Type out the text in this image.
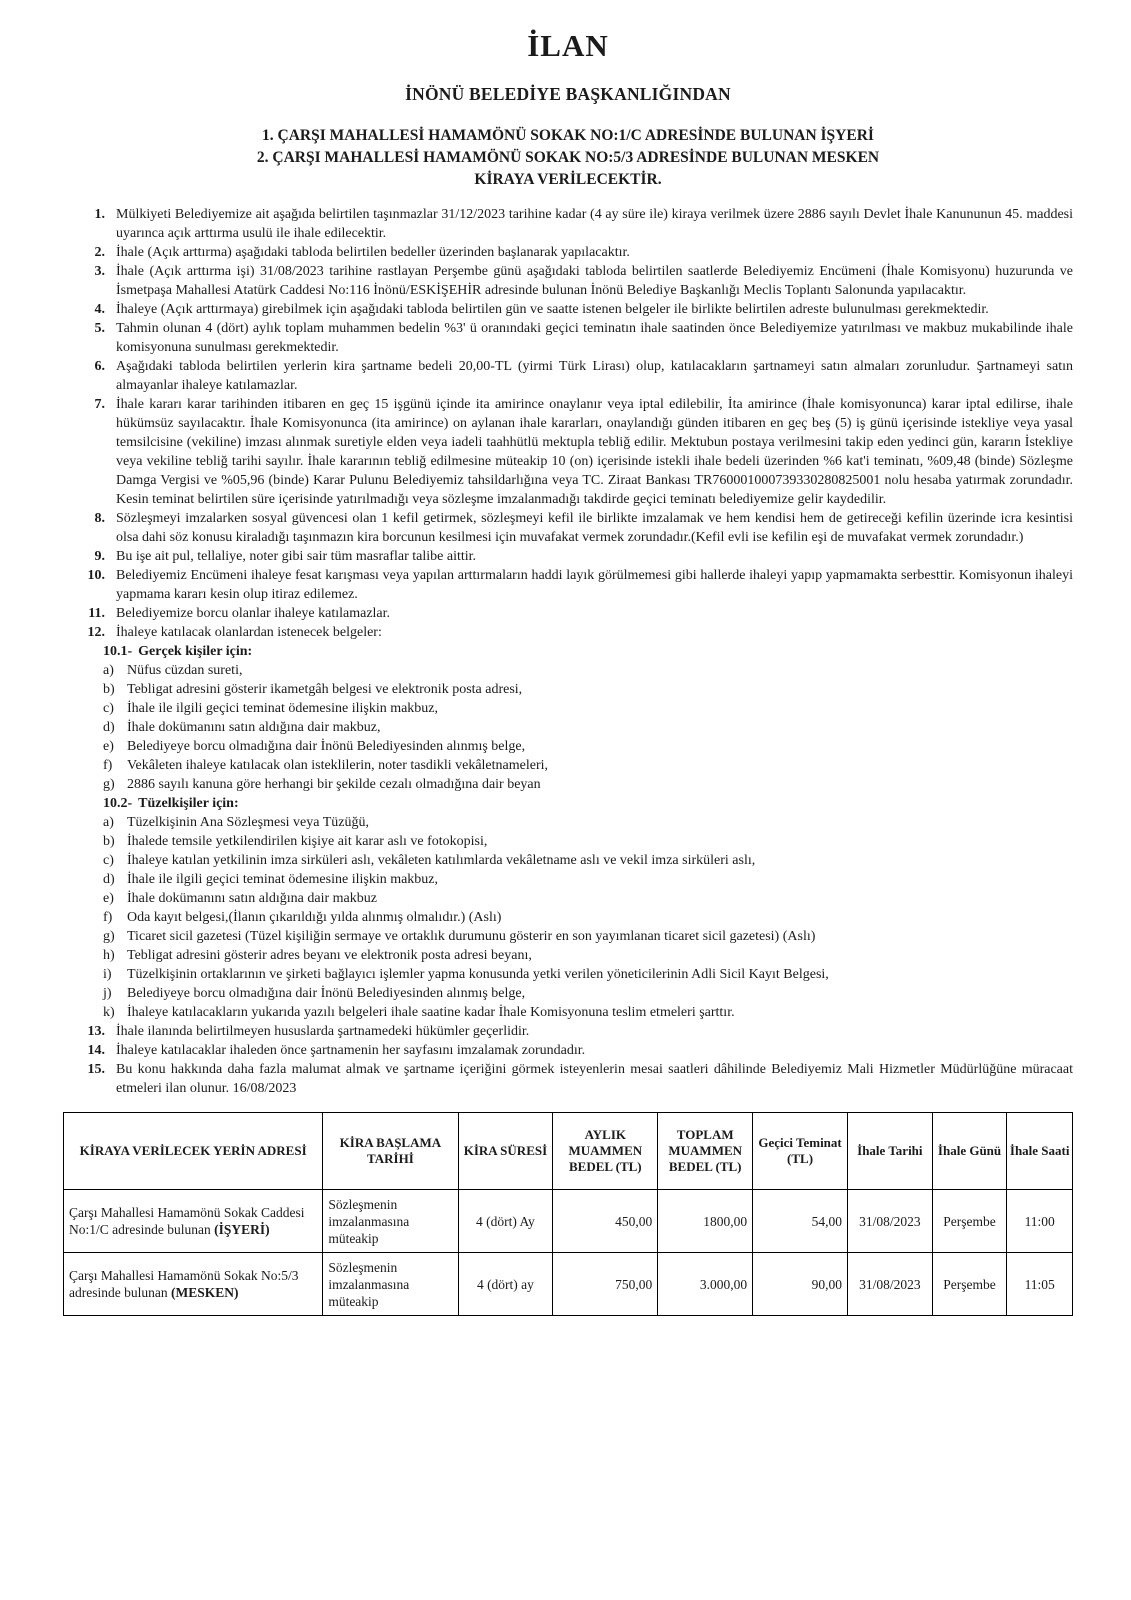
İLAN
İNÖNÜ BELEDİYE BAŞKANLIĞINDAN
1. ÇARŞI MAHALLESİ HAMAMÖNÜ SOKAK NO:1/C ADRESİNDE BULUNAN İŞYERİ
2. ÇARŞI MAHALLESİ HAMAMÖNÜ SOKAK NO:5/3 ADRESİNDE BULUNAN MESKEN
KİRAYA VERİLECEKTİR.
1. Mülkiyeti Belediyemize ait aşağıda belirtilen taşınmazlar 31/12/2023 tarihine kadar (4 ay süre ile) kiraya verilmek üzere 2886 sayılı Devlet İhale Kanununun 45. maddesi uyarınca açık arttırma usulü ile ihale edilecektir.
2. İhale (Açık arttırma) aşağıdaki tabloda belirtilen bedeller üzerinden başlanarak yapılacaktır.
3. İhale (Açık arttırma işi) 31/08/2023 tarihine rastlayan Perşembe günü aşağıdaki tabloda belirtilen saatlerde Belediyemiz Encümeni (İhale Komisyonu) huzurunda ve İsmetpaşa Mahallesi Atatürk Caddesi No:116 İnönü/ESKİŞEHİR adresinde bulunan İnönü Belediye Başkanlığı Meclis Toplantı Salonunda yapılacaktır.
4. İhaleye (Açık arttırmaya) girebilmek için aşağıdaki tabloda belirtilen gün ve saatte istenen belgeler ile birlikte belirtilen adreste bulunulması gerekmektedir.
5. Tahmin olunan 4 (dört) aylık toplam muhammen bedelin %3' ü oranındaki geçici teminatın ihale saatinden önce Belediyemize yatırılması ve makbuz mukabilinde ihale komisyonuna sunulması gerekmektedir.
6. Aşağıdaki tabloda belirtilen yerlerin kira şartname bedeli 20,00-TL (yirmi Türk Lirası) olup, katılacakların şartnameyi satın almaları zorunludur. Şartnameyi satın almayanlar ihaleye katılamazlar.
7. İhale kararı karar tarihinden itibaren en geç 15 işgünü içinde ita amirince onaylanır veya iptal edilebilir, İta amirince (İhale komisyonunca) karar iptal edilirse, ihale hükümsüz sayılacaktır. İhale Komisyonunca (ita amirince) on aylanan ihale kararları, onaylandığı günden itibaren en geç beş (5) iş günü içerisinde istekliye veya yasal temsilcisine (vekiline) imzası alınmak suretiyle elden veya iadeli taahhütlü mektupla tebliğ edilir. Mektubun postaya verilmesini takip eden yedinci gün, kararın İstekliye veya vekiline tebliğ tarihi sayılır. İhale kararının tebliğ edilmesine müteakip 10 (on) içerisinde istekli ihale bedeli üzerinden %6 kat'i teminatı, %09,48 (binde) Sözleşme Damga Vergisi ve %05,96 (binde) Karar Pulunu Belediyemiz tahsildarlığına veya TC. Ziraat Bankası TR760001000739330280825001 nolu hesaba yatırmak zorundadır. Kesin teminat belirtilen süre içerisinde yatırılmadığı veya sözleşme imzalanmadığı takdirde geçici teminatı belediyemize gelir kaydedilir.
8. Sözleşmeyi imzalarken sosyal güvencesi olan 1 kefil getirmek, sözleşmeyi kefil ile birlikte imzalamak ve hem kendisi hem de getireceği kefilin üzerinde icra kesintisi olsa dahi söz konusu kiraladığı taşınmazın kira borcunun kesilmesi için muvafakat vermek zorundadır.(Kefil evli ise kefilin eşi de muvafakat vermek zorundadır.)
9. Bu işe ait pul, tellaliye, noter gibi sair tüm masraflar talibe aittir.
10. Belediyemiz Encümeni ihaleye fesat karışması veya yapılan arttırmaların haddi layık görülmemesi gibi hallerde ihaleyi yapıp yapmamakta serbesttir. Komisyonun ihaleyi yapmama kararı kesin olup itiraz edilemez.
11. Belediyemize borcu olanlar ihaleye katılamazlar.
12. İhaleye katılacak olanlardan istenecek belgeler:
10.1- Gerçek kişiler için:
a) Nüfus cüzdan sureti,
b) Tebligat adresini gösterir ikametgâh belgesi ve elektronik posta adresi,
c) İhale ile ilgili geçici teminat ödemesine ilişkin makbuz,
d) İhale dokümanını satın aldığına dair makbuz,
e) Belediyeye borcu olmadığına dair İnönü Belediyesinden alınmış belge,
f)	Vekâleten ihaleye katılacak olan isteklilerin, noter tasdikli vekâletnameleri,
g) 2886 sayılı kanuna göre herhangi bir şekilde cezalı olmadığına dair beyan
10.2- Tüzelkişiler için:
a) Tüzelkişinin Ana Sözleşmesi veya Tüzüğü,
b) İhalede temsile yetkilendirilen kişiye ait karar aslı ve fotokopisi,
c) İhaleye katılan yetkilinin imza sirküleri aslı, vekâleten katılımlarda vekâletname aslı ve vekil imza sirküleri aslı,
d) İhale ile ilgili geçici teminat ödemesine ilişkin makbuz,
e) İhale dokümanını satın aldığına dair makbuz
f)	Oda kayıt belgesi,(İlanın çıkarıldığı yılda alınmış olmalıdır.) (Aslı)
g) Ticaret sicil gazetesi (Tüzel kişiliğin sermaye ve ortaklık durumunu gösterir en son yayımlanan ticaret sicil gazetesi) (Aslı)
h) Tebligat adresini gösterir adres beyanı ve elektronik posta adresi beyanı,
i)	Tüzelkişinin ortaklarının ve şirketi bağlayıcı işlemler yapma konusunda yetki verilen yöneticilerinin Adli Sicil Kayıt Belgesi,
j)	Belediyeye borcu olmadığına dair İnönü Belediyesinden alınmış belge,
k) İhaleye katılacakların yukarıda yazılı belgeleri ihale saatine kadar İhale Komisyonuna teslim etmeleri şarttır.
13. İhale ilanında belirtilmeyen hususlarda şartnamedeki hükümler geçerlidir.
14. İhaleye katılacaklar ihaleden önce şartnamenin her sayfasını imzalamak zorundadır.
15. Bu konu hakkında daha fazla malumat almak ve şartname içeriğini görmek isteyenlerin mesai saatleri dâhilinde Belediyemiz Mali Hizmetler Müdürlüğüne müracaat etmeleri ilan olunur. 16/08/2023
KİRAYA VERİLECEK YERİN ADRESİ	KİRA BAŞLAMA TARİHİ	KİRA SÜRESİ	AYLIK MUAMMEN BEDEL (TL)	TOPLAM MUAMMEN BEDEL (TL)	Geçici Teminat (TL)	İhale Tarihi	İhale Günü	İhale Saati
Çarşı Mahallesi Hamamönü Sokak Caddesi No:1/C adresinde bulunan (İŞYERİ)	Sözleşmenin imzalanmasına müteakip	4 (dört) Ay	450,00	1800,00	54,00	31/08/2023	Perşembe	11:00
Çarşı Mahallesi Hamamönü Sokak No:5/3 adresinde bulunan (MESKEN)	Sözleşmenin imzalanmasına müteakip	4 (dört) ay	750,00	3.000,00	90,00	31/08/2023	Perşembe	11:05
